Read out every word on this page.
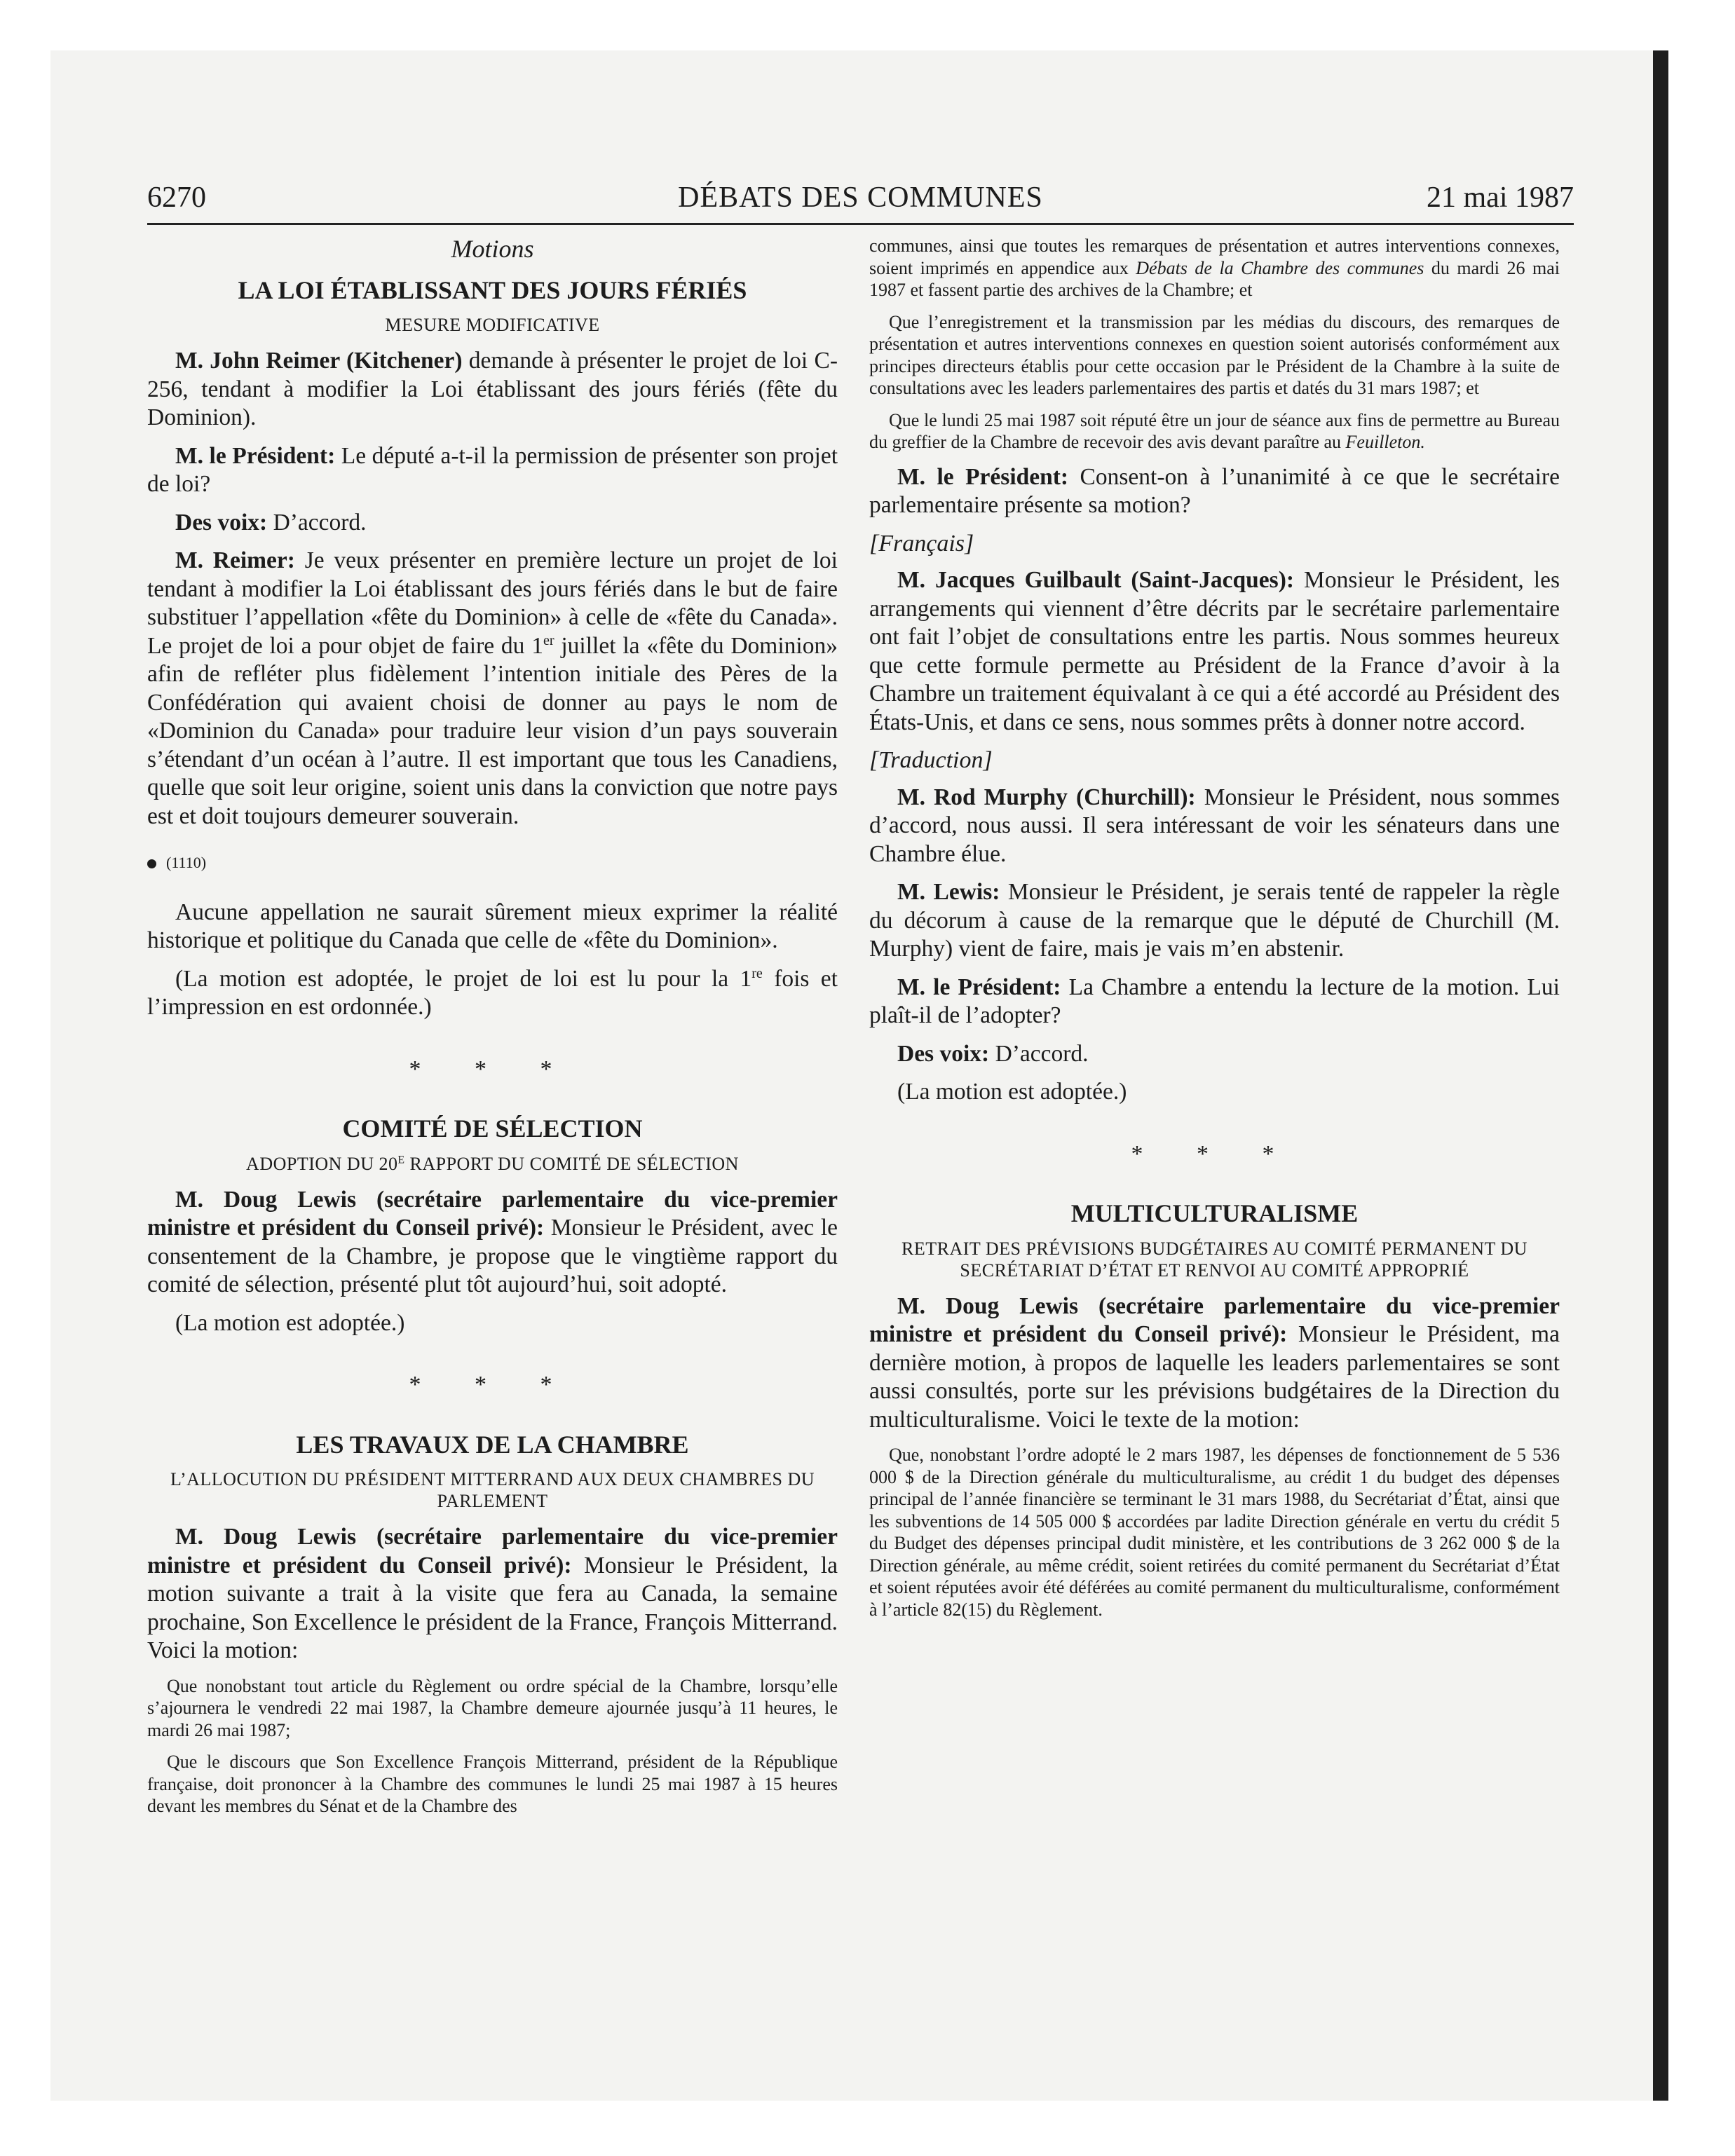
6270	DÉBATS DES COMMUNES	21 mai 1987
Motions
LA LOI ÉTABLISSANT DES JOURS FÉRIÉS
MESURE MODIFICATIVE

M. John Reimer (Kitchener) demande à présenter le projet de loi C-256, tendant à modifier la Loi établissant des jours fériés (fête du Dominion).

M. le Président: Le député a-t-il la permission de présenter son projet de loi?

Des voix: D’accord.

M. Reimer: Je veux présenter en première lecture un projet de loi tendant à modifier la Loi établissant des jours fériés dans le but de faire substituer l’appellation «fête du Dominion» à celle de «fête du Canada». Le projet de loi a pour objet de faire du 1er juillet la «fête du Dominion» afin de refléter plus fidèlement l’intention initiale des Pères de la Confédération qui avaient choisi de donner au pays le nom de «Dominion du Canada» pour traduire leur vision d’un pays souverain s’étendant d’un océan à l’autre. Il est important que tous les Canadiens, quelle que soit leur origine, soient unis dans la conviction que notre pays est et doit toujours demeurer souverain.

(1110)

Aucune appellation ne saurait sûrement mieux exprimer la réalité historique et politique du Canada que celle de «fête du Dominion».

(La motion est adoptée, le projet de loi est lu pour la 1re fois et l’impression en est ordonnée.)

* * *
COMITÉ DE SÉLECTION
ADOPTION DU $20^E$ RAPPORT DU COMITÉ DE SÉLECTION

M. Doug Lewis (secrétaire parlementaire du vice-premier ministre et président du Conseil privé): Monsieur le Président, avec le consentement de la Chambre, je propose que le vingtième rapport du comité de sélection, présenté plut tôt aujourd’hui, soit adopté.

(La motion est adoptée.)

* * *
LES TRAVAUX DE LA CHAMBRE
L’ALLOCUTION DU PRÉSIDENT MITTERRAND AUX DEUX CHAMBRES DU PARLEMENT

M. Doug Lewis (secrétaire parlementaire du vice-premier ministre et président du Conseil privé): Monsieur le Président, la motion suivante a trait à la visite que fera au Canada, la semaine prochaine, Son Excellence le président de la France, François Mitterrand. Voici la motion:

Que nonobstant tout article du Règlement ou ordre spécial de la Chambre, lorsqu’elle s’ajournera le vendredi 22 mai 1987, la Chambre demeure ajournée jusqu’à 11 heures, le mardi 26 mai 1987;

Que le discours que Son Excellence François Mitterrand, président de la République française, doit prononcer à la Chambre des communes le lundi 25 mai 1987 à 15 heures devant les membres du Sénat et de la Chambre des

communes, ainsi que toutes les remarques de présentation et autres interventions connexes, soient imprimés en appendice aux Débats de la Chambre des communes du mardi 26 mai 1987 et fassent partie des archives de la Chambre; et

Que l’enregistrement et la transmission par les médias du discours, des remarques de présentation et autres interventions connexes en question soient autorisés conformément aux principes directeurs établis pour cette occasion par le Président de la Chambre à la suite de consultations avec les leaders parlementaires des partis et datés du 31 mars 1987; et

Que le lundi 25 mai 1987 soit réputé être un jour de séance aux fins de permettre au Bureau du greffier de la Chambre de recevoir des avis devant paraître au Feuilleton.

M. le Président: Consent-on à l’unanimité à ce que le secrétaire parlementaire présente sa motion?

[Français]

M. Jacques Guilbault (Saint-Jacques): Monsieur le Président, les arrangements qui viennent d’être décrits par le secrétaire parlementaire ont fait l’objet de consultations entre les partis. Nous sommes heureux que cette formule permette au Président de la France d’avoir à la Chambre un traitement équivalant à ce qui a été accordé au Président des États-Unis, et dans ce sens, nous sommes prêts à donner notre accord.

[Traduction]

M. Rod Murphy (Churchill): Monsieur le Président, nous sommes d’accord, nous aussi. Il sera intéressant de voir les sénateurs dans une Chambre élue.

M. Lewis: Monsieur le Président, je serais tenté de rappeler la règle du décorum à cause de la remarque que le député de Churchill (M. Murphy) vient de faire, mais je vais m’en abstenir.

M. le Président: La Chambre a entendu la lecture de la motion. Lui plaît-il de l’adopter?

Des voix: D’accord.

(La motion est adoptée.)

* * *
MULTICULTURALISME
RETRAIT DES PRÉVISIONS BUDGÉTAIRES AU COMITÉ PERMANENT DU SECRÉTARIAT D’ÉTAT ET RENVOI AU COMITÉ APPROPRIÉ

M. Doug Lewis (secrétaire parlementaire du vice-premier ministre et président du Conseil privé): Monsieur le Président, ma dernière motion, à propos de laquelle les leaders parlementaires se sont aussi consultés, porte sur les prévisions budgétaires de la Direction du multiculturalisme. Voici le texte de la motion:

Que, nonobstant l’ordre adopté le 2 mars 1987, les dépenses de fonctionnement de 5 536 000 $ de la Direction générale du multiculturalisme, au crédit 1 du budget des dépenses principal de l’année financière se terminant le 31 mars 1988, du Secrétariat d’État, ainsi que les subventions de 14 505 000 $ accordées par ladite Direction générale en vertu du crédit 5 du Budget des dépenses principal dudit ministère, et les contributions de 3 262 000 $ de la Direction générale, au même crédit, soient retirées du comité permanent du Secrétariat d’État et soient réputées avoir été déférées au comité permanent du multiculturalisme, conformément à l’article 82(15) du Règlement.
